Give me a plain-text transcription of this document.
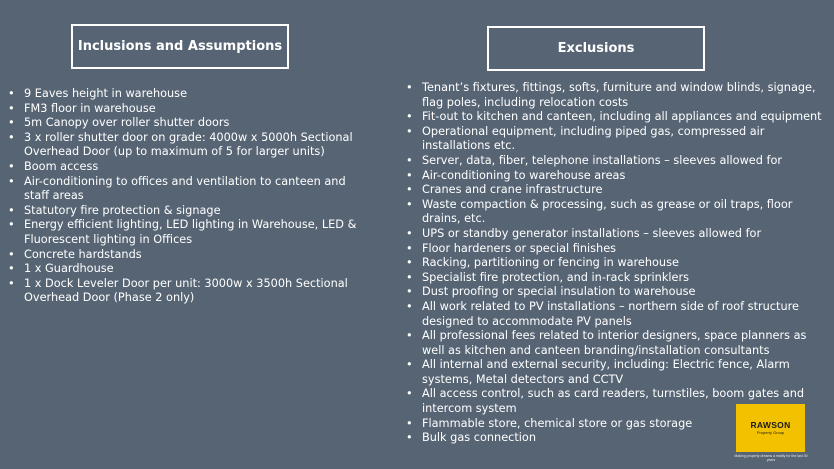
Inclusions and Assumptions
• 9 Eaves height in warehouse
• FM3 floor in warehouse
• 5m Canopy over roller shutter doors
• 3 x roller shutter door on grade: 4000w x 5000h Sectional Overhead Door (up to maximum of 5 for larger units)
• Boom access
• Air-conditioning to offices and ventilation to canteen and staff areas
• Statutory fire protection & signage
• Energy efficient lighting, LED lighting in Warehouse, LED & Fluorescent lighting in Offices
• Concrete hardstands
• 1 x Guardhouse
• 1 x Dock Leveler Door per unit: 3000w x 3500h Sectional Overhead Door (Phase 2 only)
Exclusions
• Tenant’s fixtures, fittings, softs, furniture and window blinds, signage, flag poles, including relocation costs
• Fit-out to kitchen and canteen, including all appliances and equipment
• Operational equipment, including piped gas, compressed air installations etc.
• Server, data, fiber, telephone installations – sleeves allowed for
• Air-conditioning to warehouse areas
• Cranes and crane infrastructure
• Waste compaction & processing, such as grease or oil traps, floor drains, etc.
• UPS or standby generator installations – sleeves allowed for
• Floor hardeners or special finishes
• Racking, partitioning or fencing in warehouse
• Specialist fire protection, and in-rack sprinklers
• Dust proofing or special insulation to warehouse
• All work related to PV installations – northern side of roof structure designed to accommodate PV panels
• All professional fees related to interior designers, space planners as well as kitchen and canteen branding/installation consultants
• All internal and external security, including: Electric fence, Alarm systems, Metal detectors and CCTV
• All access control, such as card readers, turnstiles, boom gates and intercom system
• Flammable store, chemical store or gas storage
• Bulk gas connection
RAWSON
Property Group
Making property dreams a reality for the last 30 years
